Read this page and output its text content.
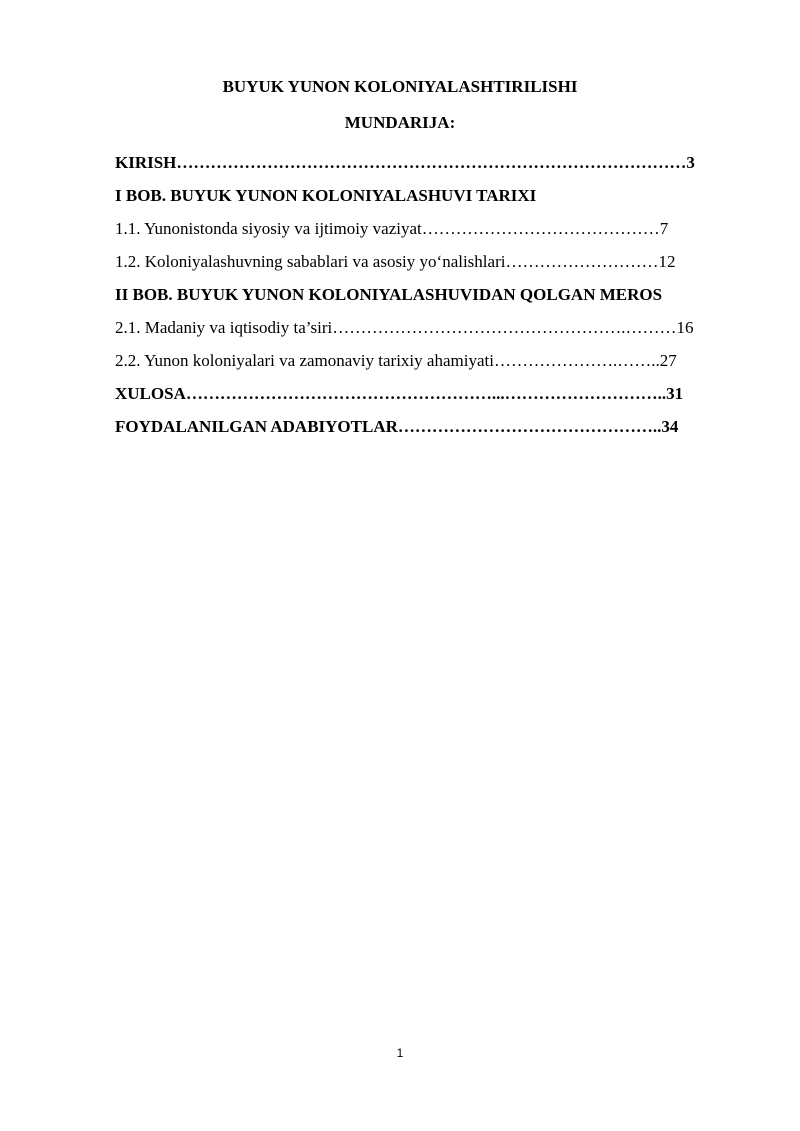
BUYUK YUNON KOLONIYALASHTIRILISHI
MUNDARIJA:
KIRISH………………………………………………………………………………3
I BOB. BUYUK YUNON KOLONIYALASHUVI TARIXI
1.1. Yunonistonda siyosiy va ijtimoiy vaziyat……………………………………7
1.2. Koloniyalashuvning sabablari va asosiy yo‘nalishlari………………………12
II BOB. BUYUK YUNON KOLONIYALASHUVIDAN QOLGAN MEROS
2.1. Madaniy va iqtisodiy ta’siri…………………………………………….………16
2.2. Yunon koloniyalari va zamonaviy tarixiy ahamiyati………………….……..27
XULOSA………………………………………………...………………………..31
FOYDALANILGAN ADABIYOTLAR………………………………………..34
1
